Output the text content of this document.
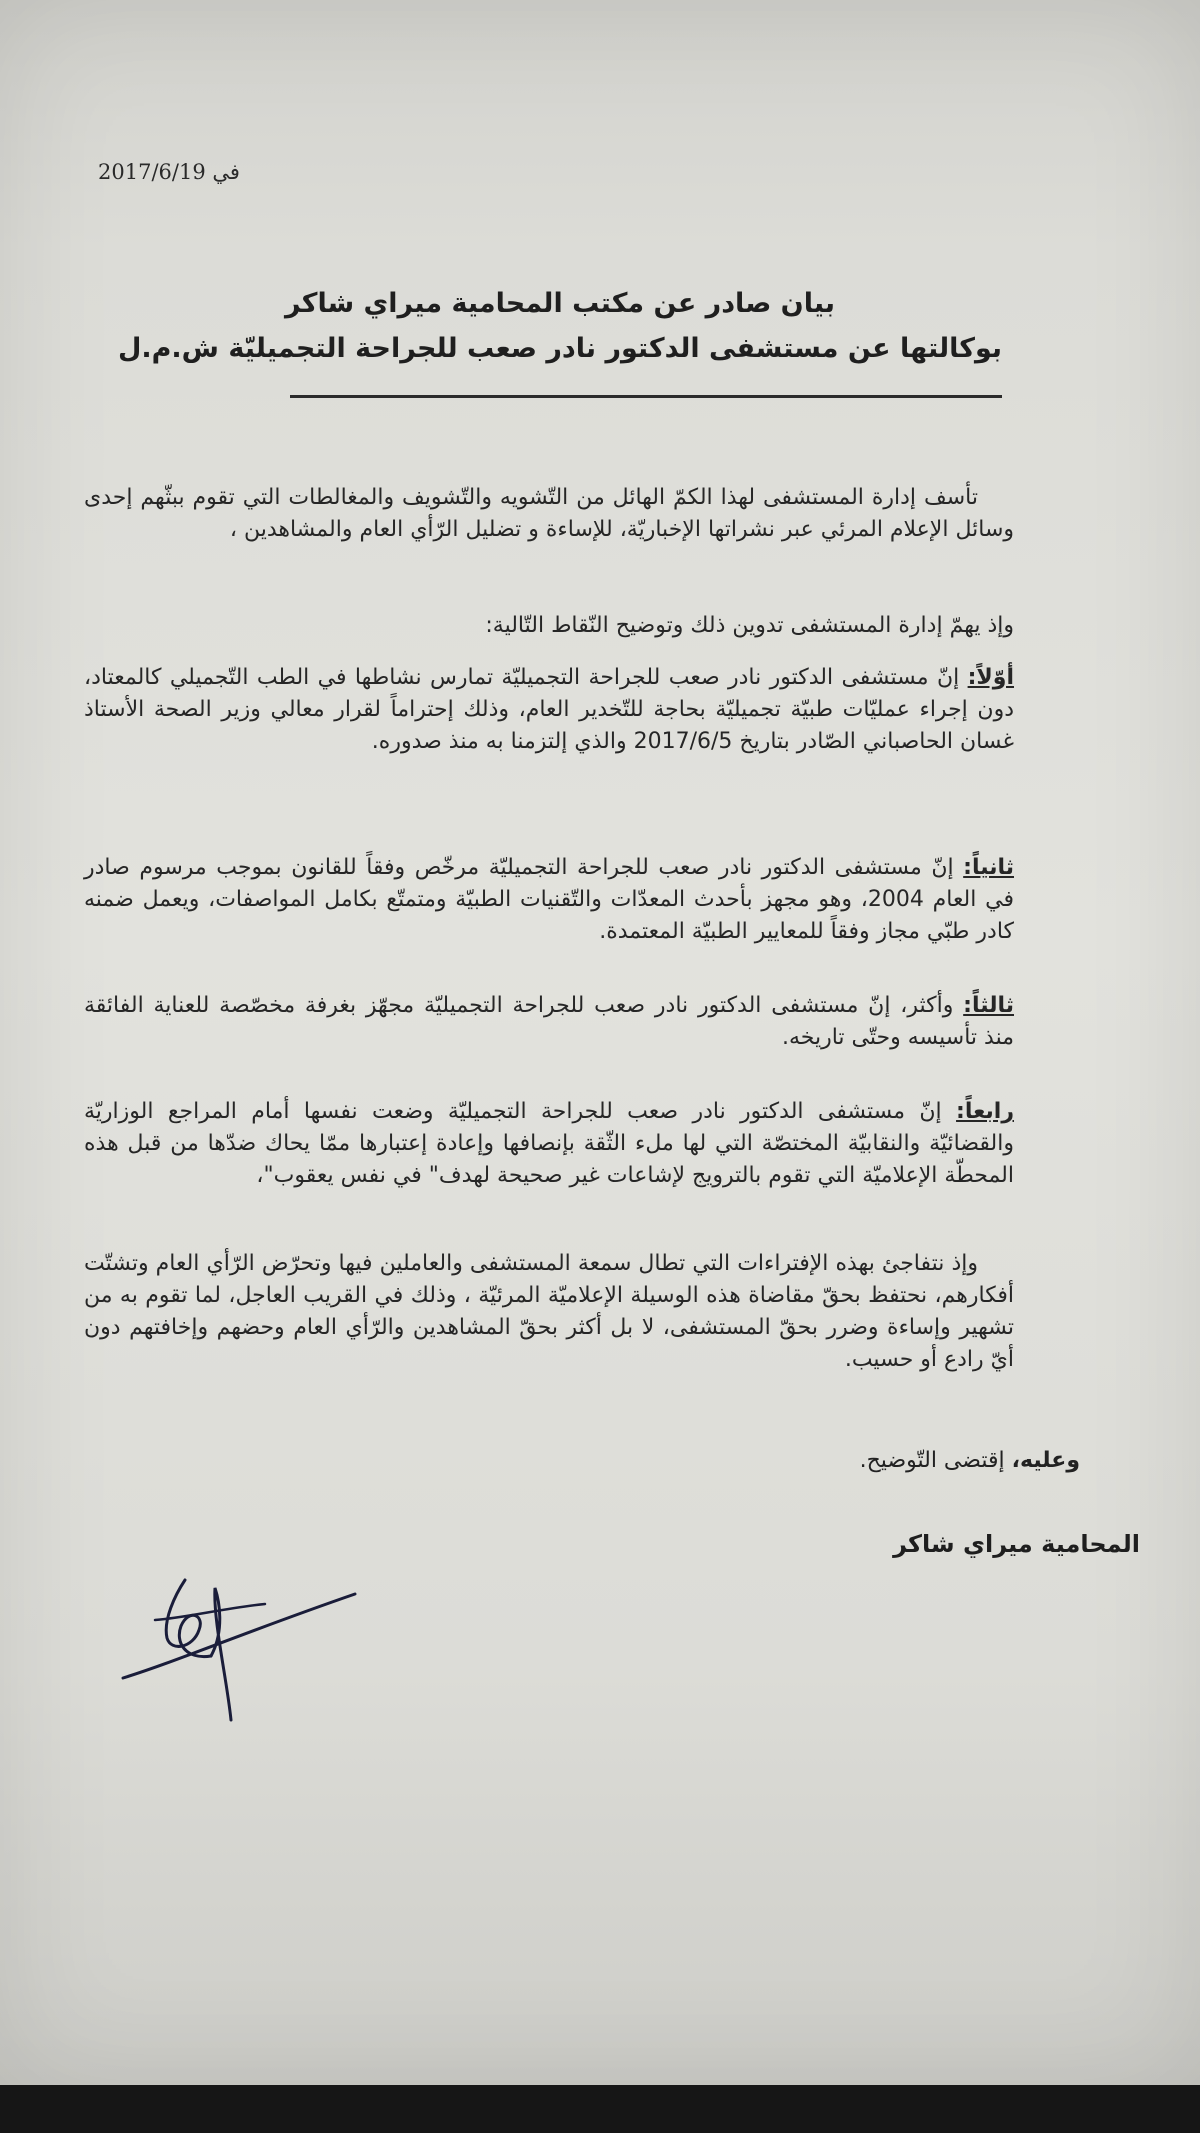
في 2017/6/19
بيان صادر عن مكتب المحامية ميراي شاكر
بوكالتها عن مستشفى الدكتور نادر صعب للجراحة التجميليّة ش.م.ل
تأسف إدارة المستشفى لهذا الكمّ الهائل من التّشويه والتّشويف والمغالطات التي تقوم ببثّهم إحدى وسائل الإعلام المرئي عبر نشراتها الإخباريّة، للإساءة و تضليل الرّأي العام والمشاهدين ،
وإذ يهمّ إدارة المستشفى تدوين ذلك وتوضيح النّقاط التّالية:
أوّلاً: إنّ مستشفى الدكتور نادر صعب للجراحة التجميليّة تمارس نشاطها في الطب التّجميلي كالمعتاد، دون إجراء عمليّات طبيّة تجميليّة بحاجة للتّخدير العام، وذلك إحتراماً لقرار معالي وزير الصحة الأستاذ غسان الحاصباني الصّادر بتاريخ 2017/6/5 والذي إلتزمنا به منذ صدوره.
ثانياً: إنّ مستشفى الدكتور نادر صعب للجراحة التجميليّة مرخّص وفقاً للقانون بموجب مرسوم صادر في العام 2004، وهو مجهز بأحدث المعدّات والتّقنيات الطبيّة ومتمتّع بكامل المواصفات، ويعمل ضمنه كادر طبّي مجاز وفقاً للمعايير الطبيّة المعتمدة.
ثالثاً: وأكثر، إنّ مستشفى الدكتور نادر صعب للجراحة التجميليّة مجهّز بغرفة مخصّصة للعناية الفائقة منذ تأسيسه وحتّى تاريخه.
رابعاً: إنّ مستشفى الدكتور نادر صعب للجراحة التجميليّة وضعت نفسها أمام المراجع الوزاريّة والقضائيّة والنقابيّة المختصّة التي لها ملء الثّقة بإنصافها وإعادة إعتبارها ممّا يحاك ضدّها من قبل هذه المحطّة الإعلاميّة التي تقوم بالترويج لإشاعات غير صحيحة لهدف" في نفس يعقوب"،
وإذ نتفاجئ بهذه الإفتراءات التي تطال سمعة المستشفى والعاملين فيها وتحرّض الرّأي العام وتشتّت أفكارهم، نحتفظ بحقّ مقاضاة هذه الوسيلة الإعلاميّة المرئيّة ، وذلك في القريب العاجل، لما تقوم به من تشهير وإساءة وضرر بحقّ المستشفى، لا بل أكثر بحقّ المشاهدين والرّأي العام وحضهم وإخافتهم دون أيّ رادع أو حسيب.
وعليه، إقتضى التّوضيح.
المحامية ميراي شاكر
